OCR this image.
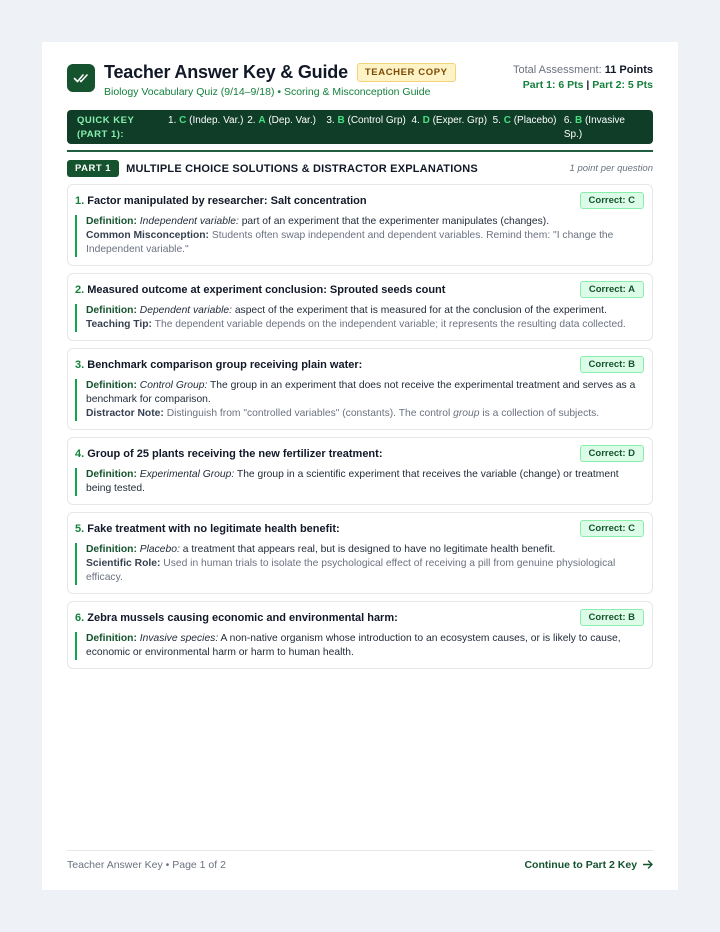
Teacher Answer Key & Guide	TEACHER COPY
Biology Vocabulary Quiz (9/14–9/18) • Scoring & Misconception Guide
Total Assessment: 11 Points
Part 1: 6 Pts | Part 2: 5 Pts
QUICK KEY (PART 1):
1. C (Indep. Var.) 2. A (Dep. Var.)	3. B (Control Grp) 4. D (Exper. Grp) 5. C (Placebo) 6. B (Invasive Sp.)
PART 1	MULTIPLE CHOICE SOLUTIONS & DISTRACTOR EXPLANATIONS	1 point per question
1. Factor manipulated by researcher: Salt concentration	Correct: C
Definition: Independent variable: part of an experiment that the experimenter manipulates (changes).
Common Misconception: Students often swap independent and dependent variables. Remind them: "I change the Independent variable."
2. Measured outcome at experiment conclusion: Sprouted seeds count	Correct: A
Definition: Dependent variable: aspect of the experiment that is measured for at the conclusion of the experiment.
Teaching Tip: The dependent variable depends on the independent variable; it represents the resulting data collected.
3. Benchmark comparison group receiving plain water:	Correct: B
Definition: Control Group: The group in an experiment that does not receive the experimental treatment and serves as a benchmark for comparison.
Distractor Note: Distinguish from "controlled variables" (constants). The control group is a collection of subjects.
4. Group of 25 plants receiving the new fertilizer treatment:	Correct: D
Definition: Experimental Group: The group in a scientific experiment that receives the variable (change) or treatment being tested.
5. Fake treatment with no legitimate health benefit:	Correct: C
Definition: Placebo: a treatment that appears real, but is designed to have no legitimate health benefit.
Scientific Role: Used in human trials to isolate the psychological effect of receiving a pill from genuine physiological efficacy.
6. Zebra mussels causing economic and environmental harm:	Correct: B
Definition: Invasive species: A non-native organism whose introduction to an ecosystem causes, or is likely to cause, economic or environmental harm or harm to human health.
Teacher Answer Key • Page 1 of 2	Continue to Part 2 Key
